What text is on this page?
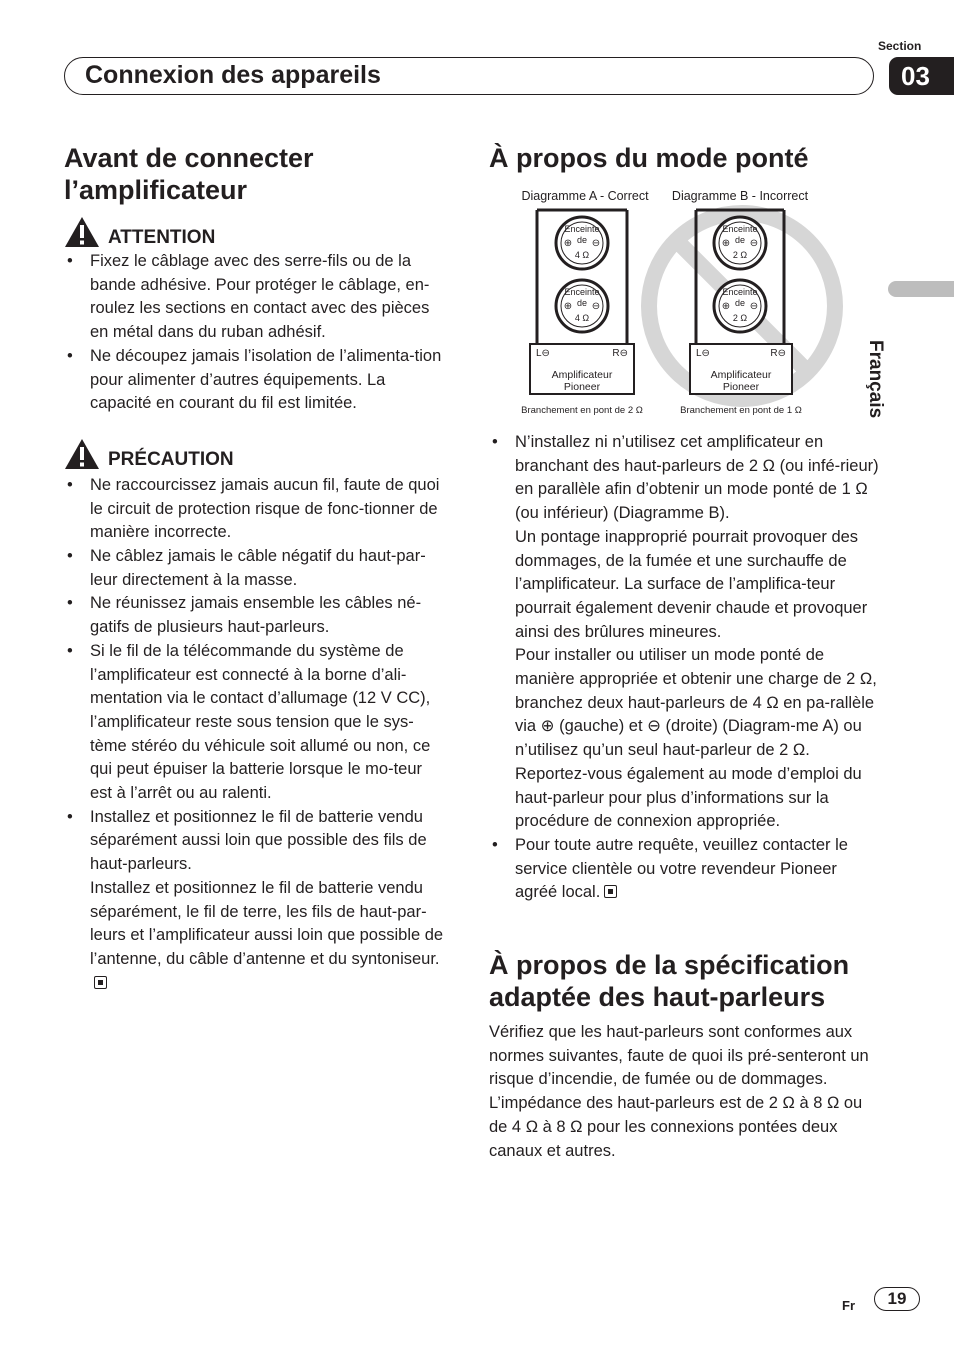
Section
03
Connexion des appareils
Français
Avant de connecter l’amplificateur
ATTENTION
• Fixez le câblage avec des serre-fils ou de la bande adhésive. Pour protéger le câblage, en-roulez les sections en contact avec des pièces en métal dans du ruban adhésif.
• Ne découpez jamais l’isolation de l’alimenta-tion pour alimenter d’autres équipements. La capacité en courant du fil est limitée.
PRÉCAUTION
• Ne raccourcissez jamais aucun fil, faute de quoi le circuit de protection risque de fonc-tionner de manière incorrecte.
• Ne câblez jamais le câble négatif du haut-par-leur directement à la masse.
• Ne réunissez jamais ensemble les câbles né-gatifs de plusieurs haut-parleurs.
• Si le fil de la télécommande du système de l’amplificateur est connecté à la borne d’ali-mentation via le contact d’allumage (12 V CC), l’amplificateur reste sous tension que le sys-tème stéréo du véhicule soit allumé ou non, ce qui peut épuiser la batterie lorsque le mo-teur est à l’arrêt ou au ralenti.
• Installez et positionnez le fil de batterie vendu séparément aussi loin que possible des fils de haut-parleurs.
Installez et positionnez le fil de batterie vendu séparément, le fil de terre, les fils de haut-par-leurs et l’amplificateur aussi loin que possible de l’antenne, du câble d’antenne et du syntoniseur.
À propos du mode ponté
Diagramme A - Correct Diagramme B - Incorrect
Enceinte
de
4 Ω
⊕ ⊖
Enceinte
de
4 Ω
⊕ ⊖
L⊖	R⊖
Amplificateur
Pioneer
Branchement en pont de 2 Ω
Enceinte
de
2 Ω
⊕ ⊖
Enceinte
de
2 Ω
⊕ ⊖
L⊖	R⊖
Amplificateur
Pioneer
Branchement en pont de 1 Ω
• N’installez ni n’utilisez cet amplificateur en branchant des haut-parleurs de 2 Ω (ou infé-rieur) en parallèle afin d’obtenir un mode ponté de 1 Ω (ou inférieur) (Diagramme B).
Un pontage inapproprié pourrait provoquer des dommages, de la fumée et une surchauffe de l’amplificateur. La surface de l’amplifica-teur pourrait également devenir chaude et provoquer ainsi des brûlures mineures.
Pour installer ou utiliser un mode ponté de manière appropriée et obtenir une charge de 2 Ω, branchez deux haut-parleurs de 4 Ω en pa-rallèle via ⊕ (gauche) et ⊖ (droite) (Diagram-me A) ou n’utilisez qu’un seul haut-parleur de 2 Ω.
Reportez-vous également au mode d’emploi du haut-parleur pour plus d’informations sur la procédure de connexion appropriée.
• Pour toute autre requête, veuillez contacter le service clientèle ou votre revendeur Pioneer agréé local.
À propos de la spécification adaptée des haut-parleurs

Vérifiez que les haut-parleurs sont conformes aux normes suivantes, faute de quoi ils pré-senteront un risque d’incendie, de fumée ou de dommages. L’impédance des haut-parleurs est de 2 Ω à 8 Ω ou de 4 Ω à 8 Ω pour les connexions pontées deux canaux et autres.

Fr	19
